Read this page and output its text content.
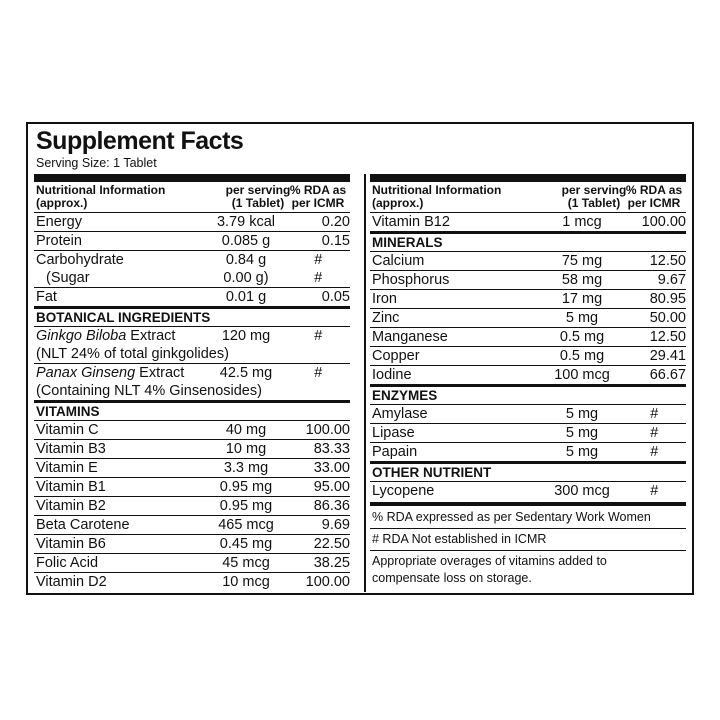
Supplement Facts
Serving Size: 1 Tablet
Nutritional Information
(approx.)
per serving
(1 Tablet)
% RDA as
per ICMR
Energy	3.79 kcal	0.20
Protein	0.085 g	0.15
Carbohydrate	0.84 g	#
(Sugar	0.00 g)	#
Fat	0.01 g	0.05
BOTANICAL INGREDIENTS
Ginkgo Biloba Extract
(NLT 24% of total ginkgolides)
120 mg	#
Panax Ginseng Extract
(Containing NLT 4% Ginsenosides)
42.5 mg	#
VITAMINS
Vitamin C	40 mg	100.00
Vitamin B3	10 mg	83.33
Vitamin E	3.3 mg	33.00
Vitamin B1	0.95 mg	95.00
Vitamin B2	0.95 mg	86.36
Beta Carotene	465 mcg	9.69
Vitamin B6	0.45 mg	22.50
Folic Acid	45 mcg	38.25
Vitamin D2	10 mcg	100.00
Nutritional Information
(approx.)
per serving
(1 Tablet)
% RDA as
per ICMR
Vitamin B12	1 mcg	100.00
MINERALS
Calcium	75 mg	12.50
Phosphorus	58 mg	9.67
Iron	17 mg	80.95
Zinc	5 mg	50.00
Manganese	0.5 mg	12.50
Copper	0.5 mg	29.41
Iodine	100 mcg	66.67
ENZYMES
Amylase	5 mg	#
Lipase	5 mg	#
Papain	5 mg	#
OTHER NUTRIENT
Lycopene	300 mcg	#
% RDA expressed as per Sedentary Work Women
# RDA Not established in ICMR
Appropriate overages of vitamins added to
compensate loss on storage.
